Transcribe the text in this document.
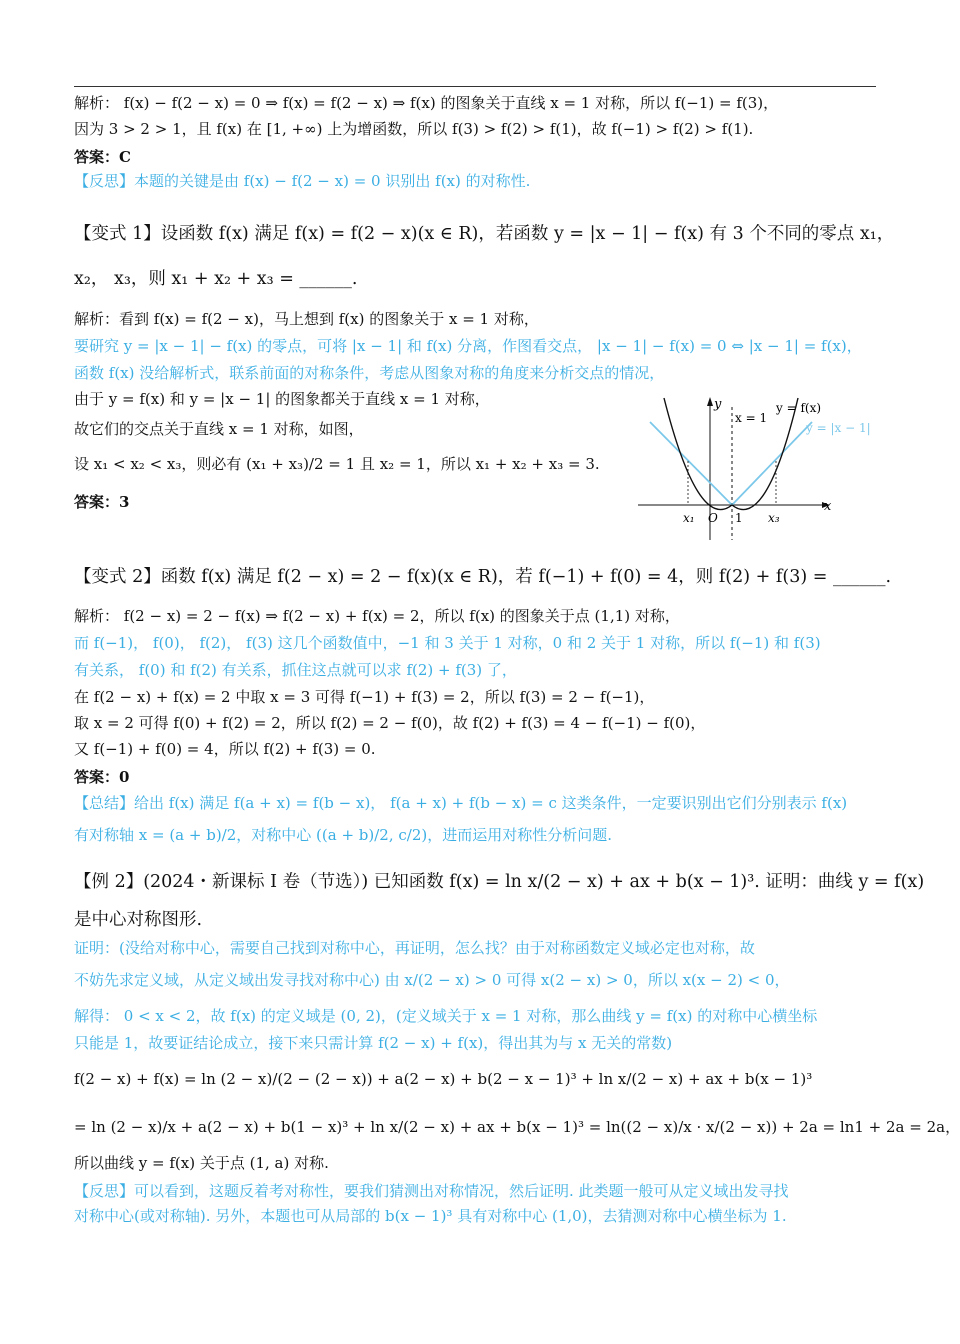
解析： f(x) − f(2 − x) = 0 ⇒ f(x) = f(2 − x) ⇒ f(x) 的图象关于直线 x = 1 对称，所以 f(−1) = f(3)，
因为 3 > 2 > 1，且 f(x) 在 [1, +∞) 上为增函数，所以 f(3) > f(2) > f(1)，故 f(−1) > f(2) > f(1).
答案：C
【反思】本题的关键是由 f(x) − f(2 − x) = 0 识别出 f(x) 的对称性.
【变式 1】设函数 f(x) 满足 f(x) = f(2 − x)(x ∈ R)，若函数 y = |x − 1| − f(x) 有 3 个不同的零点 x₁，
x₂， x₃，则 x₁ + x₂ + x₃ = ______.
解析：看到 f(x) = f(2 − x)，马上想到 f(x) 的图象关于 x = 1 对称，
要研究 y = |x − 1| − f(x) 的零点，可将 |x − 1| 和 f(x) 分离，作图看交点， |x − 1| − f(x) = 0 ⇔ |x − 1| = f(x)，
函数 f(x) 没给解析式，联系前面的对称条件，考虑从图象对称的角度来分析交点的情况，
由于 y = f(x) 和 y = |x − 1| 的图象都关于直线 x = 1 对称，
故它们的交点关于直线 x = 1 对称，如图，
设 x₁ < x₂ < x₃，则必有 (x₁ + x₃)/2 = 1 且 x₂ = 1，所以 x₁ + x₂ + x₃ = 3.
答案：3
【变式 2】函数 f(x) 满足 f(2 − x) = 2 − f(x)(x ∈ R)，若 f(−1) + f(0) = 4，则 f(2) + f(3) = ______.
解析： f(2 − x) = 2 − f(x) ⇒ f(2 − x) + f(x) = 2，所以 f(x) 的图象关于点 (1,1) 对称，
而 f(−1)， f(0)， f(2)， f(3) 这几个函数值中，−1 和 3 关于 1 对称，0 和 2 关于 1 对称，所以 f(−1) 和 f(3)
有关系， f(0) 和 f(2) 有关系，抓住这点就可以求 f(2) + f(3) 了，
在 f(2 − x) + f(x) = 2 中取 x = 3 可得 f(−1) + f(3) = 2，所以 f(3) = 2 − f(−1)，
取 x = 2 可得 f(0) + f(2) = 2，所以 f(2) = 2 − f(0)，故 f(2) + f(3) = 4 − f(−1) − f(0)，
又 f(−1) + f(0) = 4，所以 f(2) + f(3) = 0.
答案：0
【总结】给出 f(x) 满足 f(a + x) = f(b − x)， f(a + x) + f(b − x) = c 这类条件，一定要识别出它们分别表示 f(x)
有对称轴 x = (a + b)/2，对称中心 ((a + b)/2, c/2)，进而运用对称性分析问题.
【例 2】(2024・新课标 I 卷（节选）) 已知函数 f(x) = ln x/(2 − x) + ax + b(x − 1)³. 证明：曲线 y = f(x)
是中心对称图形.
证明：(没给对称中心，需要自己找到对称中心，再证明，怎么找？由于对称函数定义域必定也对称，故
不妨先求定义域，从定义域出发寻找对称中心) 由 x/(2 − x) > 0 可得 x(2 − x) > 0，所以 x(x − 2) < 0，
解得： 0 < x < 2，故 f(x) 的定义域是 (0, 2)，(定义域关于 x = 1 对称，那么曲线 y = f(x) 的对称中心横坐标
只能是 1，故要证结论成立，接下来只需计算 f(2 − x) + f(x)，得出其为与 x 无关的常数)
f(2 − x) + f(x) = ln (2 − x)/(2 − (2 − x)) + a(2 − x) + b(2 − x − 1)³ + ln x/(2 − x) + ax + b(x − 1)³
= ln (2 − x)/x + a(2 − x) + b(1 − x)³ + ln x/(2 − x) + ax + b(x − 1)³ = ln((2 − x)/x · x/(2 − x)) + 2a = ln1 + 2a = 2a，
所以曲线 y = f(x) 关于点 (1, a) 对称.
【反思】可以看到，这题反着考对称性，要我们猜测出对称情况，然后证明. 此类题一般可从定义域出发寻找
对称中心(或对称轴). 另外，本题也可从局部的 b(x − 1)³ 具有对称中心 (1,0)，去猜测对称中心横坐标为 1.
y
x
O 1
x₁	x₃
x = 1
y = f(x)
y = |x − 1|
